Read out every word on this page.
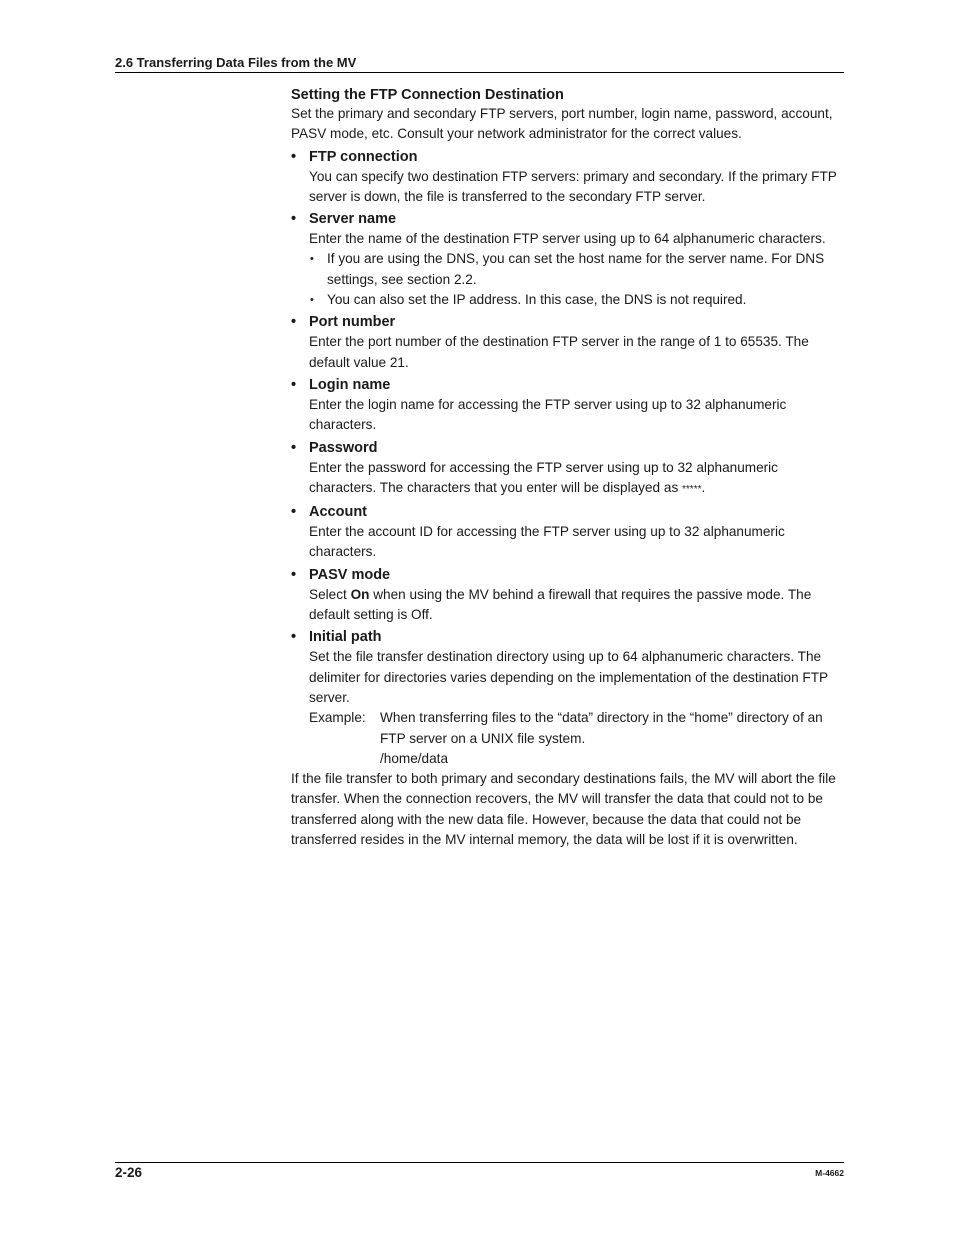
2.6 Transferring Data Files from the MV
Setting the FTP Connection Destination

Set the primary and secondary FTP servers, port number, login name, password, account, PASV mode, etc. Consult your network administrator for the correct values.

• FTP connection
You can specify two destination FTP servers: primary and secondary. If the primary FTP server is down, the file is transferred to the secondary FTP server.
• Server name
Enter the name of the destination FTP server using up to 64 alphanumeric characters.
• If you are using the DNS, you can set the host name for the server name. For DNS settings, see section 2.2.
• You can also set the IP address. In this case, the DNS is not required.
• Port number
Enter the port number of the destination FTP server in the range of 1 to 65535. The default value 21.
• Login name
Enter the login name for accessing the FTP server using up to 32 alphanumeric characters.
• Password
Enter the password for accessing the FTP server using up to 32 alphanumeric characters. The characters that you enter will be displayed as *****.
• Account
Enter the account ID for accessing the FTP server using up to 32 alphanumeric characters.
• PASV mode
Select On when using the MV behind a firewall that requires the passive mode. The default setting is Off.
• Initial path
Set the file transfer destination directory using up to 64 alphanumeric characters. The delimiter for directories varies depending on the implementation of the destination FTP server.
Example: When transferring files to the “data” directory in the “home” directory of an FTP server on a UNIX file system.
/home/data

If the file transfer to both primary and secondary destinations fails, the MV will abort the file transfer. When the connection recovers, the MV will transfer the data that could not to be transferred along with the new data file. However, because the data that could not be transferred resides in the MV internal memory, the data will be lost if it is overwritten.

2-26	M-4662
